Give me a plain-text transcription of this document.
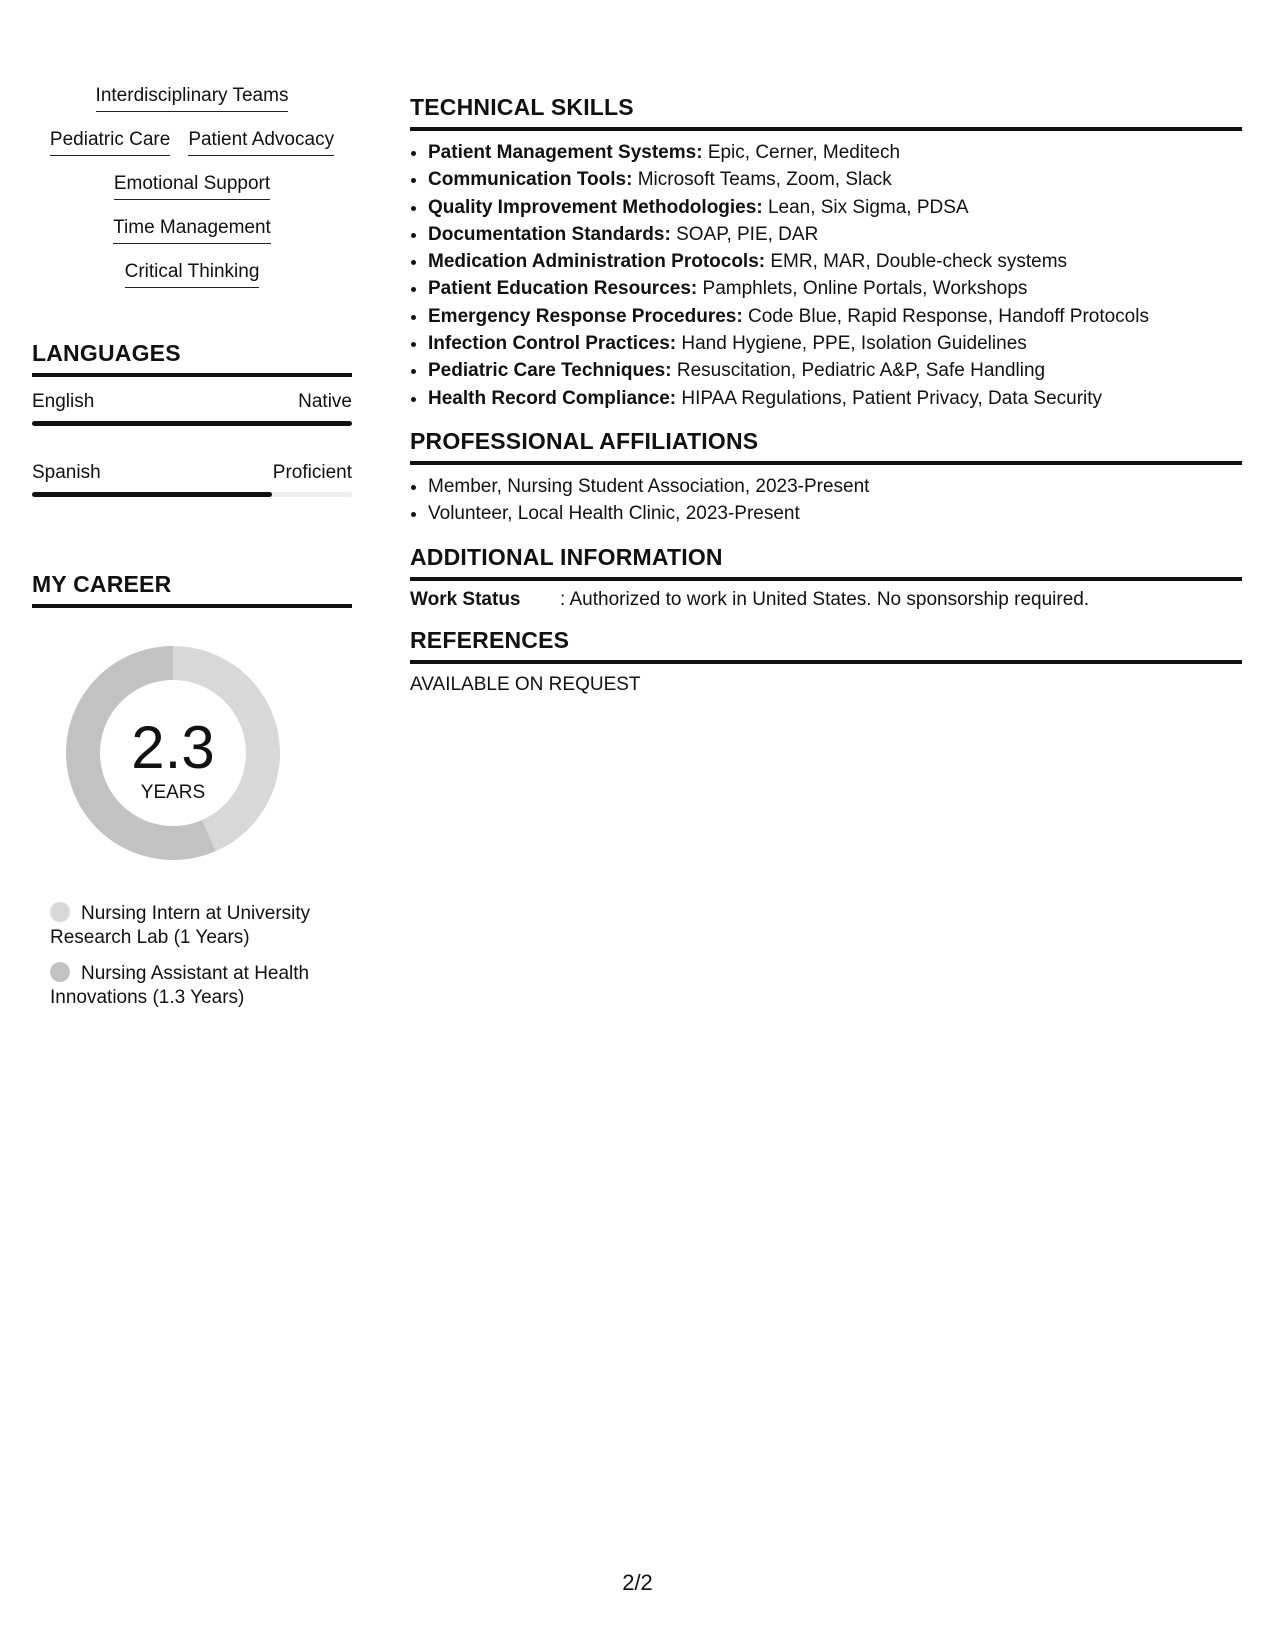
Interdisciplinary Teams
Pediatric Care Patient Advocacy
Emotional Support
Time Management
Critical Thinking
LANGUAGES
English	Native
Spanish	Proficient
MY CAREER
2.3
YEARS
Nursing Intern at University Research Lab (1 Years)
Nursing Assistant at Health Innovations (1.3 Years)
TECHNICAL SKILLS
• Patient Management Systems: Epic, Cerner, Meditech
• Communication Tools: Microsoft Teams, Zoom, Slack
• Quality Improvement Methodologies: Lean, Six Sigma, PDSA
• Documentation Standards: SOAP, PIE, DAR
• Medication Administration Protocols: EMR, MAR, Double-check systems
• Patient Education Resources: Pamphlets, Online Portals, Workshops
• Emergency Response Procedures: Code Blue, Rapid Response, Handoff Protocols
• Infection Control Practices: Hand Hygiene, PPE, Isolation Guidelines
• Pediatric Care Techniques: Resuscitation, Pediatric A&P, Safe Handling
• Health Record Compliance: HIPAA Regulations, Patient Privacy, Data Security
PROFESSIONAL AFFILIATIONS
• Member, Nursing Student Association, 2023-Present
• Volunteer, Local Health Clinic, 2023-Present
ADDITIONAL INFORMATION
Work Status	: Authorized to work in United States. No sponsorship required.
REFERENCES
AVAILABLE ON REQUEST
2/2
